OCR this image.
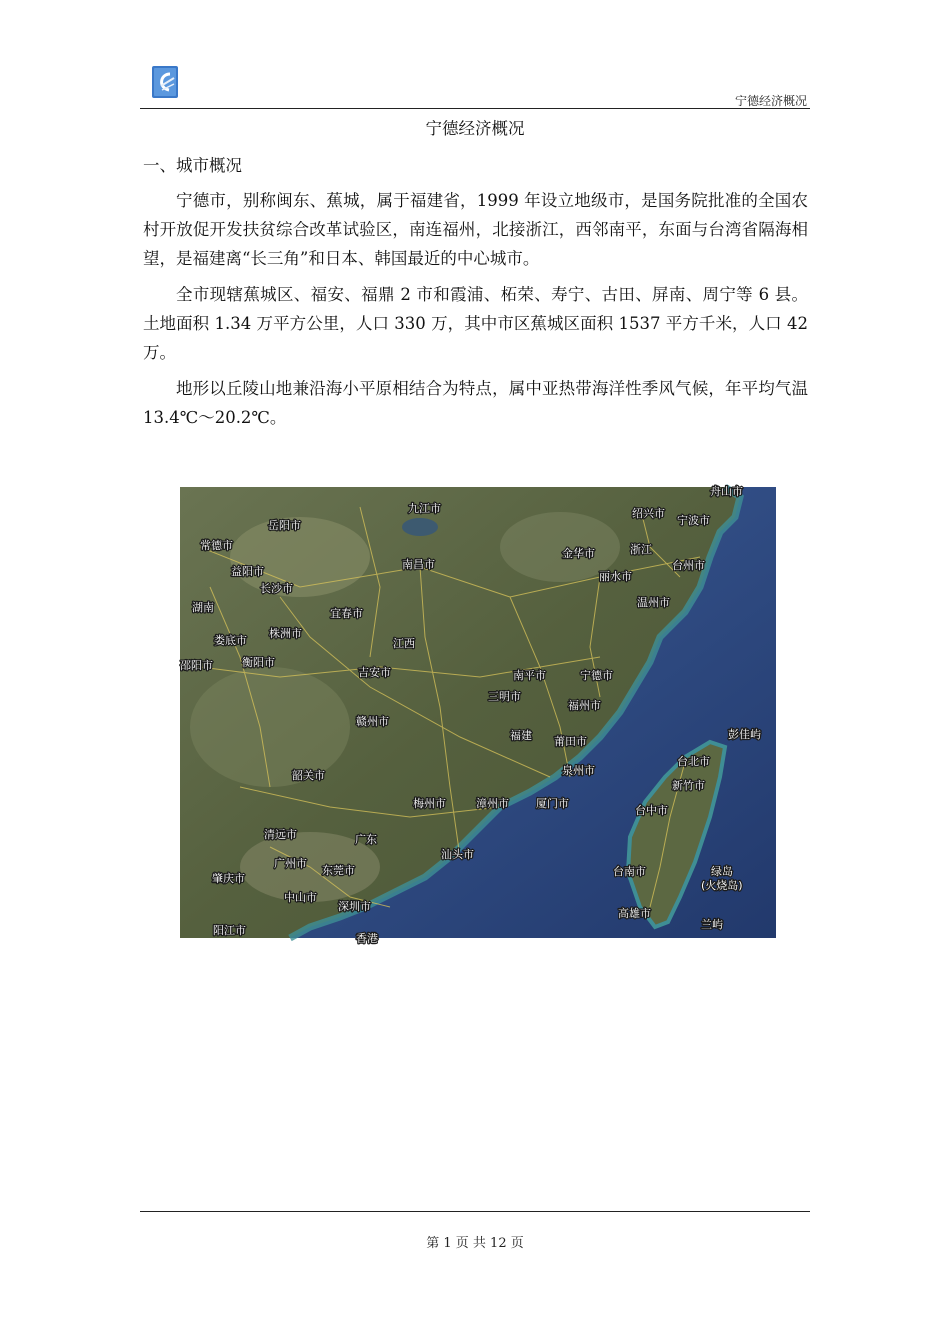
宁德经济概况
宁德经济概况
一、城市概况

宁德市，别称闽东、蕉城，属于福建省，1999 年设立地级市，是国务院批准的全国农村开放促开发扶贫综合改革试验区，南连福州，北接浙江，西邻南平，东面与台湾省隔海相望，是福建离“长三角”和日本、韩国最近的中心城市。

全市现辖蕉城区、福安、福鼎 2 市和霞浦、柘荣、寿宁、古田、屏南、周宁等 6 县。土地面积 1.34 万平方公里，人口 330 万，其中市区蕉城区面积 1537 平方千米，人口 42 万。

地形以丘陵山地兼沿海小平原相结合为特点，属中亚热带海洋性季风气候，年平均气温 13.4℃～20.2℃。

九江市
舟山市
岳阳市
绍兴市
宁波市
常德市
金华市	浙江
益阳市
南昌市
丽水市
台州市
长沙市
湖南	宜春市
温州市
娄底市
株洲市
江西
邵阳市	衡阳市
吉安市	南平市	宁德市
三明市
福州市
赣州市
福建 莆田市
彭佳屿
韶关市	泉州市
台北市
新竹市
梅州市	漳州市 厦门市
台中市
清远市	广东
汕头市
广州市
肇庆市
东莞市	台南市	绿岛
(火烧岛)
中山市
深圳市
高雄市
兰屿
阳江市
香港
第 1 页 共 12 页
